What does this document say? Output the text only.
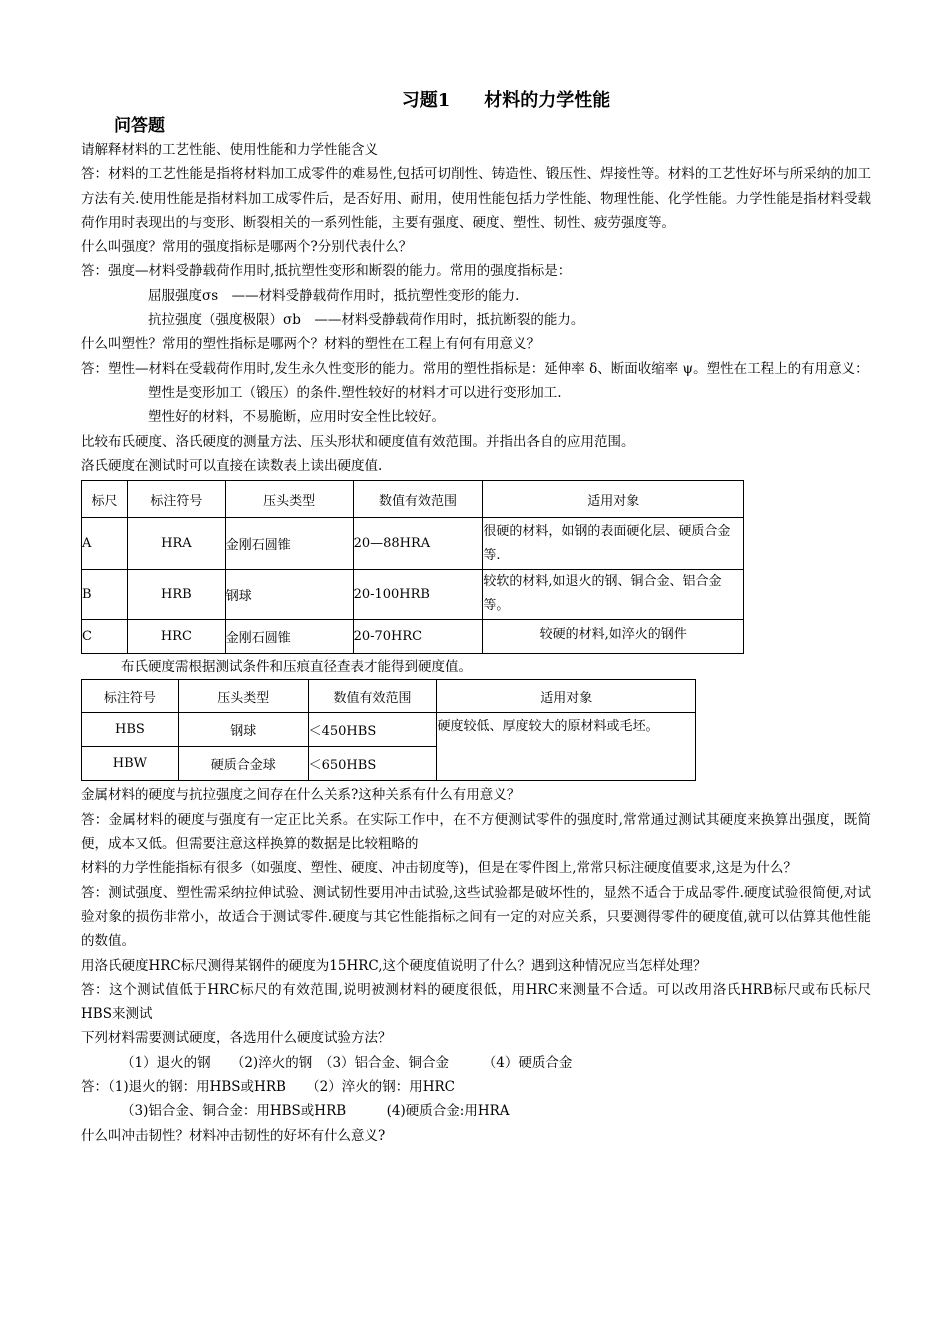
习题1 材料的力学性能
问答题

请解释材料的工艺性能、使用性能和力学性能含义

答：材料的工艺性能是指将材料加工成零件的难易性,包括可切削性、铸造性、锻压性、焊接性等。材料的工艺性好坏与所采纳的加工方法有关.使用性能是指材料加工成零件后，是否好用、耐用，使用性能包括力学性能、物理性能、化学性能。力学性能是指材料受载荷作用时表现出的与变形、断裂相关的一系列性能，主要有强度、硬度、塑性、韧性、疲劳强度等。

什么叫强度？常用的强度指标是哪两个?分别代表什么？

答：强度—材料受静载荷作用时,抵抗塑性变形和断裂的能力。常用的强度指标是：

屈服强度σs　——材料受静载荷作用时，抵抗塑性变形的能力.

抗拉强度（强度极限）σb　——材料受静载荷作用时，抵抗断裂的能力。

什么叫塑性？常用的塑性指标是哪两个？材料的塑性在工程上有何有用意义？

答：塑性—材料在受载荷作用时,发生永久性变形的能力。常用的塑性指标是：延伸率 δ、断面收缩率 ψ。塑性在工程上的有用意义：

塑性是变形加工（锻压）的条件.塑性较好的材料才可以进行变形加工.

塑性好的材料，不易脆断，应用时安全性比较好。

比较布氏硬度、洛氏硬度的测量方法、压头形状和硬度值有效范围。并指出各自的应用范围。

洛氏硬度在测试时可以直接在读数表上读出硬度值.

标尺	标注符号	压头类型	数值有效范围	适用对象
A	HRA	金刚石圆锥	20—88HRA	很硬的材料，如钢的表面硬化层、硬质合金等.
B	HRB	钢球	20-100HRB	较软的材料,如退火的钢、铜合金、铝合金等。
C	HRC	金刚石圆锥	20-70HRC	较硬的材料,如淬火的钢件

布氏硬度需根据测试条件和压痕直径查表才能得到硬度值。

标注符号	压头类型	数值有效范围	适用对象
HBS	钢球	＜450HBS	硬度较低、厚度较大的原材料或毛坯。
HBW	硬质合金球	＜650HBS	

金属材料的硬度与抗拉强度之间存在什么关系?这种关系有什么有用意义？

答：金属材料的硬度与强度有一定正比关系。在实际工作中，在不方便测试零件的强度时,常常通过测试其硬度来换算出强度，既简便，成本又低。但需要注意这样换算的数据是比较粗略的

材料的力学性能指标有很多（如强度、塑性、硬度、冲击韧度等)，但是在零件图上,常常只标注硬度值要求,这是为什么？

答：测试强度、塑性需采纳拉伸试验、测试韧性要用冲击试验,这些试验都是破坏性的，显然不适合于成品零件.硬度试验很简便,对试验对象的损伤非常小，故适合于测试零件.硬度与其它性能指标之间有一定的对应关系，只要测得零件的硬度值,就可以估算其他性能的数值。

用洛氏硬度HRC标尺测得某钢件的硬度为15HRC,这个硬度值说明了什么？遇到这种情况应当怎样处理？

答：这个测试值低于HRC标尺的有效范围,说明被测材料的硬度很低，用HRC来测量不合适。可以改用洛氏HRB标尺或布氏标尺HBS来测试

下列材料需要测试硬度，各选用什么硬度试验方法？

（1）退火的钢　　（2)淬火的钢　（3）铝合金、铜合金　　　（4）硬质合金

答：（1)退火的钢：用HBS或HRB　　（2）淬火的钢：用HRC

（3)铝合金、铜合金：用HBS或HRB　　　(4)硬质合金:用HRA

什么叫冲击韧性？材料冲击韧性的好坏有什么意义?
